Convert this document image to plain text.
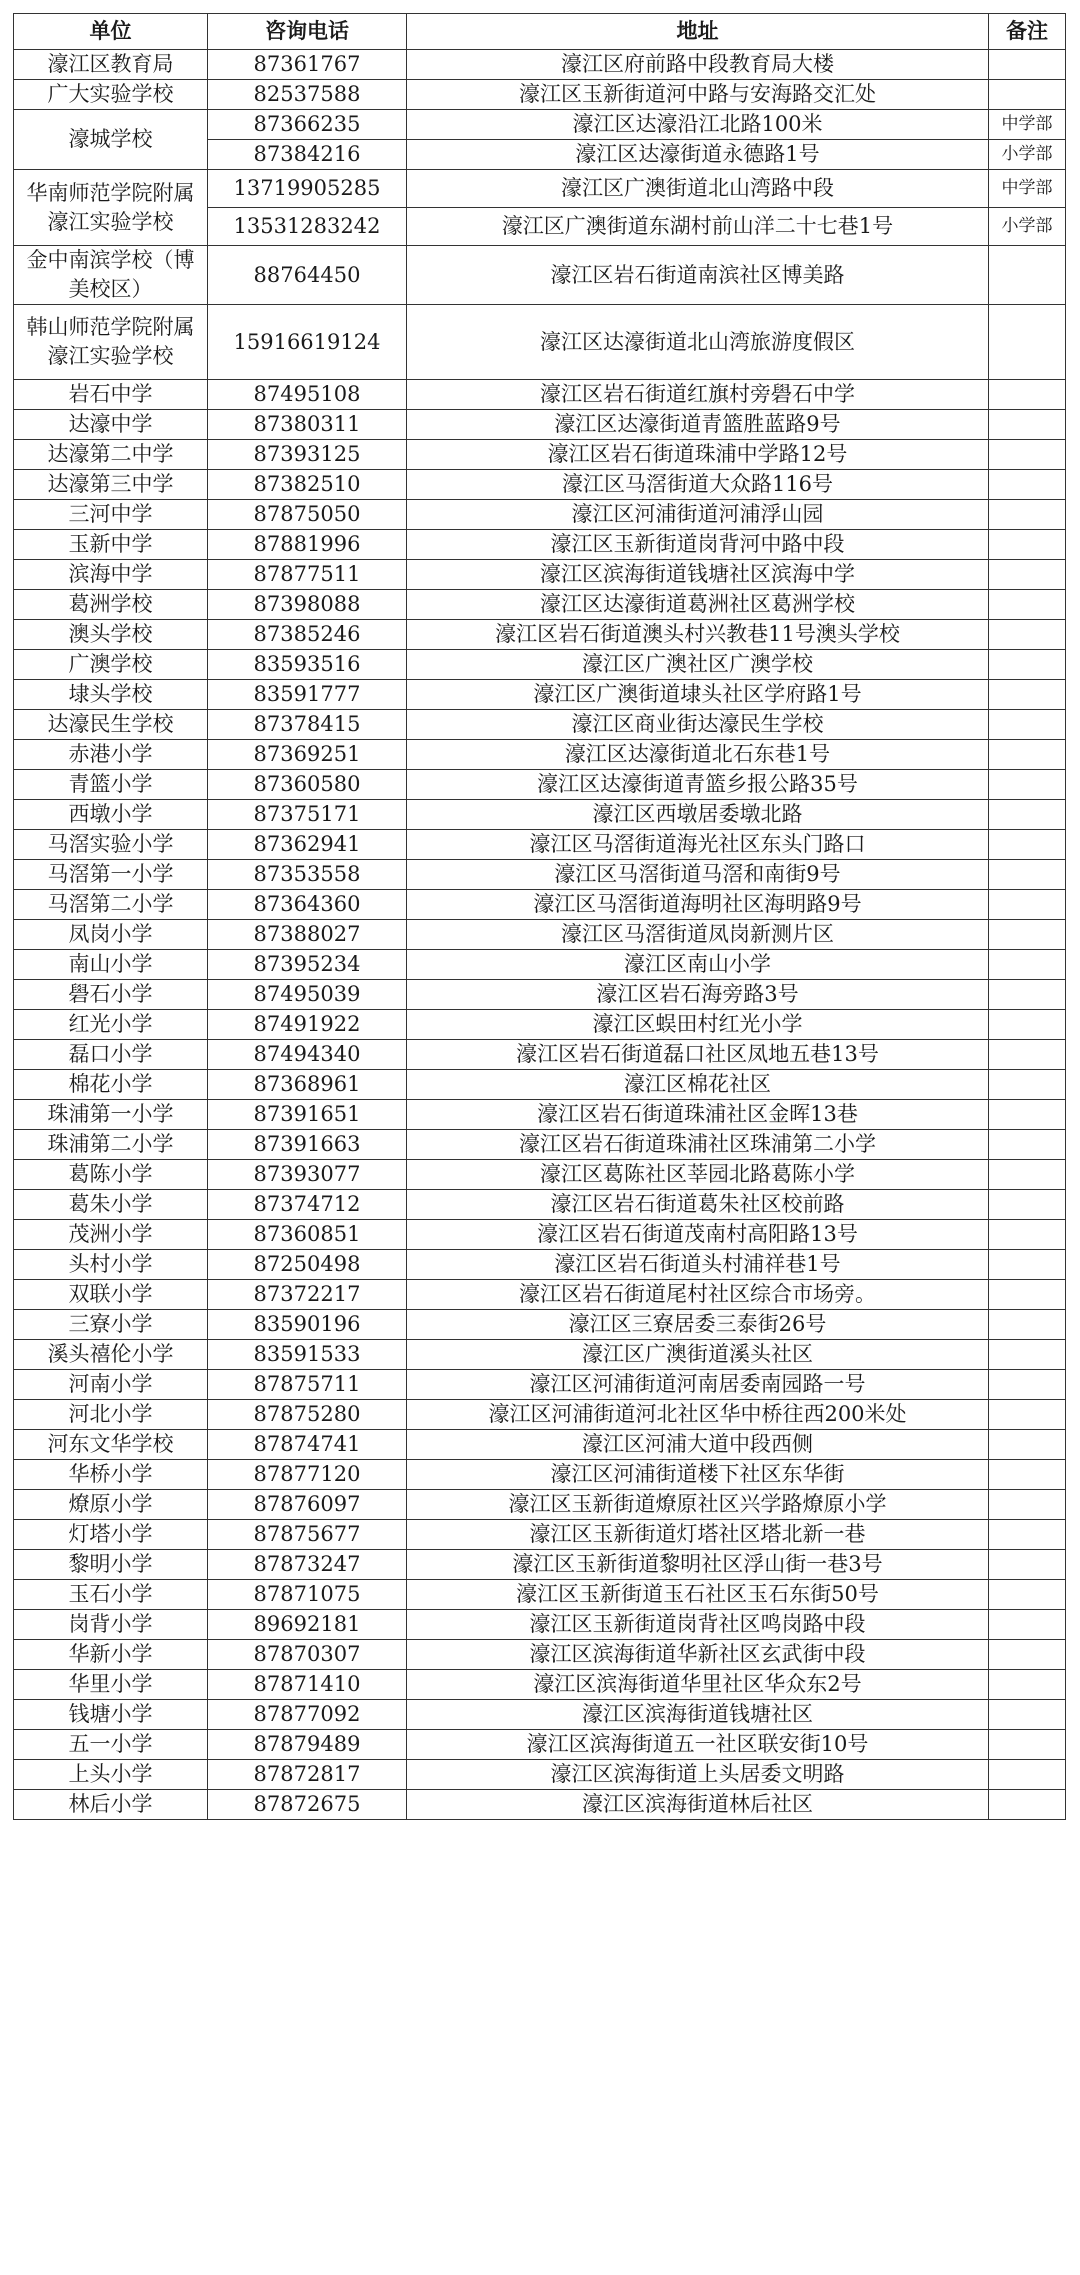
单位	咨询电话	地址	备注
濠江区教育局	87361767	濠江区府前路中段教育局大楼	
广大实验学校	82537588	濠江区玉新街道河中路与安海路交汇处	
濠城学校	87366235	濠江区达濠沿江北路100米	中学部
	87384216	濠江区达濠街道永德路1号	小学部
华南师范学院附属濠江实验学校	13719905285	濠江区广澳街道北山湾路中段	中学部
	13531283242	濠江区广澳街道东湖村前山洋二十七巷1号	小学部
金中南滨学校（博美校区）	88764450	濠江区岩石街道南滨社区博美路	
韩山师范学院附属濠江实验学校	15916619124	濠江区达濠街道北山湾旅游度假区	
岩石中学	87495108	濠江区岩石街道红旗村旁礐石中学	
达濠中学	87380311	濠江区达濠街道青篮胜蓝路9号	
达濠第二中学	87393125	濠江区岩石街道珠浦中学路12号	
达濠第三中学	87382510	濠江区马滘街道大众路116号	
三河中学	87875050	濠江区河浦街道河浦浮山园	
玉新中学	87881996	濠江区玉新街道岗背河中路中段	
滨海中学	87877511	濠江区滨海街道钱塘社区滨海中学	
葛洲学校	87398088	濠江区达濠街道葛洲社区葛洲学校	
澳头学校	87385246	濠江区岩石街道澳头村兴教巷11号澳头学校	
广澳学校	83593516	濠江区广澳社区广澳学校	
埭头学校	83591777	濠江区广澳街道埭头社区学府路1号	
达濠民生学校	87378415	濠江区商业街达濠民生学校	
赤港小学	87369251	濠江区达濠街道北石东巷1号	
青篮小学	87360580	濠江区达濠街道青篮乡报公路35号	
西墩小学	87375171	濠江区西墩居委墩北路	
马滘实验小学	87362941	濠江区马滘街道海光社区东头门路口	
马滘第一小学	87353558	濠江区马滘街道马滘和南街9号	
马滘第二小学	87364360	濠江区马滘街道海明社区海明路9号	
凤岗小学	87388027	濠江区马滘街道凤岗新测片区	
南山小学	87395234	濠江区南山小学	
礐石小学	87495039	濠江区岩石海旁路3号	
红光小学	87491922	濠江区蜈田村红光小学	
磊口小学	87494340	濠江区岩石街道磊口社区凤地五巷13号	
棉花小学	87368961	濠江区棉花社区	
珠浦第一小学	87391651	濠江区岩石街道珠浦社区金晖13巷	
珠浦第二小学	87391663	濠江区岩石街道珠浦社区珠浦第二小学	
葛陈小学	87393077	濠江区葛陈社区莘园北路葛陈小学	
葛朱小学	87374712	濠江区岩石街道葛朱社区校前路	
茂洲小学	87360851	濠江区岩石街道茂南村高阳路13号	
头村小学	87250498	濠江区岩石街道头村浦祥巷1号	
双联小学	87372217	濠江区岩石街道尾村社区综合市场旁。	
三寮小学	83590196	濠江区三寮居委三泰街26号	
溪头禧伦小学	83591533	濠江区广澳街道溪头社区	
河南小学	87875711	濠江区河浦街道河南居委南园路一号	
河北小学	87875280	濠江区河浦街道河北社区华中桥往西200米处	
河东文华学校	87874741	濠江区河浦大道中段西侧	
华桥小学	87877120	濠江区河浦街道楼下社区东华街	
燎原小学	87876097	濠江区玉新街道燎原社区兴学路燎原小学	
灯塔小学	87875677	濠江区玉新街道灯塔社区塔北新一巷	
黎明小学	87873247	濠江区玉新街道黎明社区浮山街一巷3号	
玉石小学	87871075	濠江区玉新街道玉石社区玉石东街50号	
岗背小学	89692181	濠江区玉新街道岗背社区鸣岗路中段	
华新小学	87870307	濠江区滨海街道华新社区玄武街中段	
华里小学	87871410	濠江区滨海街道华里社区华众东2号	
钱塘小学	87877092	濠江区滨海街道钱塘社区	
五一小学	87879489	濠江区滨海街道五一社区联安街10号	
上头小学	87872817	濠江区滨海街道上头居委文明路	
林后小学	87872675	濠江区滨海街道林后社区	
